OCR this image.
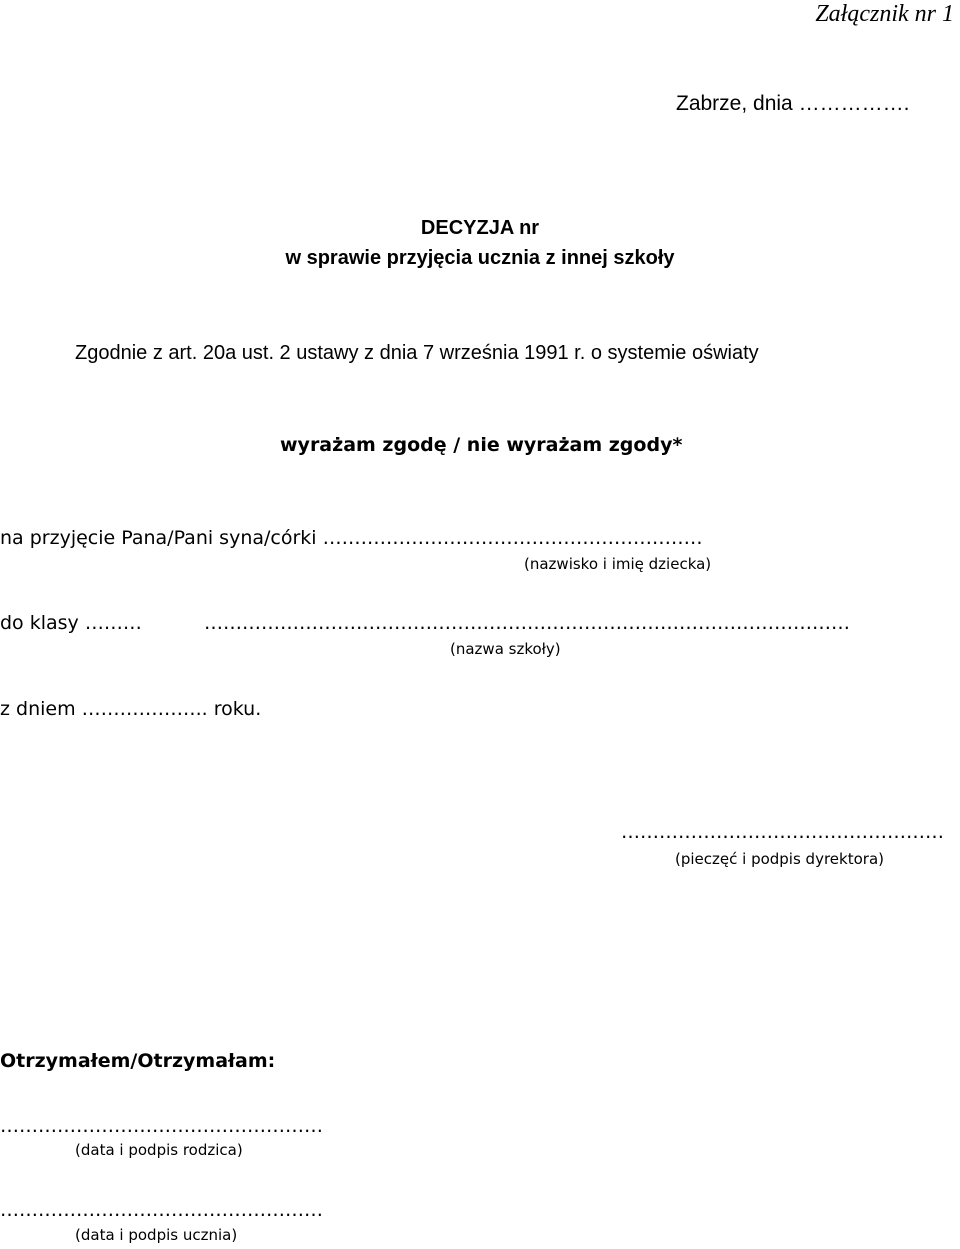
Załącznik nr 1
Zabrze, dnia …………….
DECYZJA nr
w sprawie przyjęcia ucznia z innej szkoły
Zgodnie z art. 20a ust. 2 ustawy z dnia 7 września 1991 r. o systemie oświaty
wyrażam zgodę / nie wyrażam zgody*
na przyjęcie Pana/Pani syna/córki ……………………………………………………
(nazwisko i imię dziecka)
do klasy ………	…………………………………………………………………………………………
(nazwa szkoły)
z dniem ……………….. roku.
……………………………………………
(pieczęć i podpis dyrektora)
Otrzymałem/Otrzymałam:
……………………………………………
(data i podpis rodzica)
……………………………………………
(data i podpis ucznia)
